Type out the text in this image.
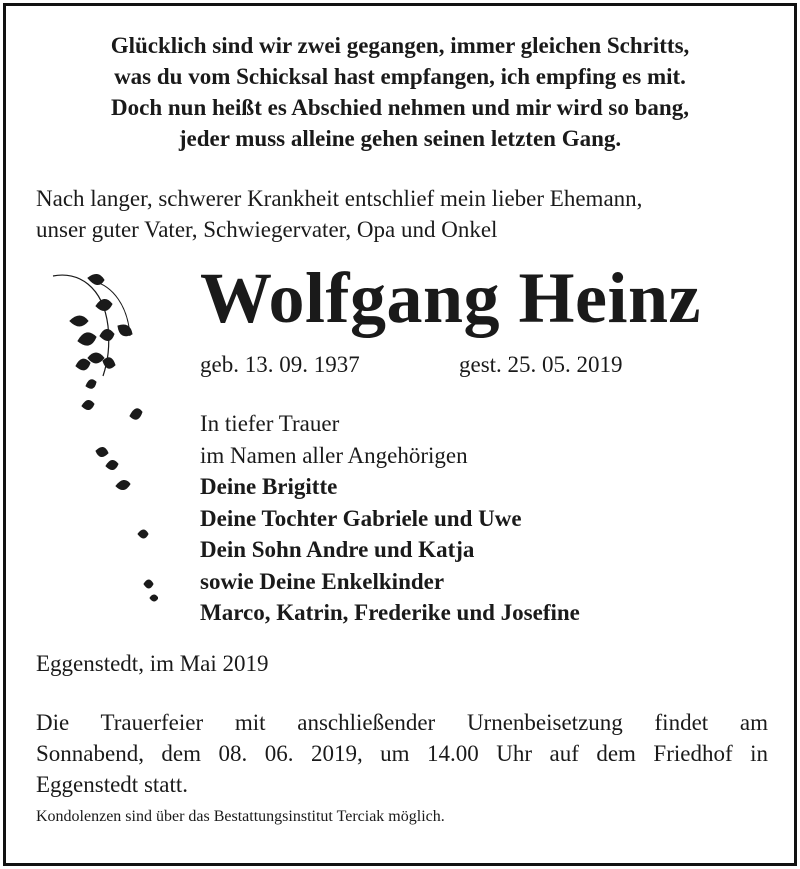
Glücklich sind wir zwei gegangen, immer gleichen Schritts,
was du vom Schicksal hast empfangen, ich empfing es mit.
Doch nun heißt es Abschied nehmen und mir wird so bang,
jeder muss alleine gehen seinen letzten Gang.
Nach langer, schwerer Krankheit entschlief mein lieber Ehemann,
unser guter Vater, Schwiegervater, Opa und Onkel
Wolfgang Heinz
geb. 13. 09. 1937	gest. 25. 05. 2019
In tiefer Trauer
im Namen aller Angehörigen
Deine Brigitte
Deine Tochter Gabriele und Uwe
Dein Sohn Andre und Katja
sowie Deine Enkelkinder
Marco, Katrin, Frederike und Josefine
Eggenstedt, im Mai 2019
Die Trauerfeier mit anschließender Urnenbeisetzung findet am
Sonnabend, dem 08. 06. 2019, um 14.00 Uhr auf dem Friedhof in
Eggenstedt statt.
Kondolenzen sind über das Bestattungsinstitut Terciak möglich.
